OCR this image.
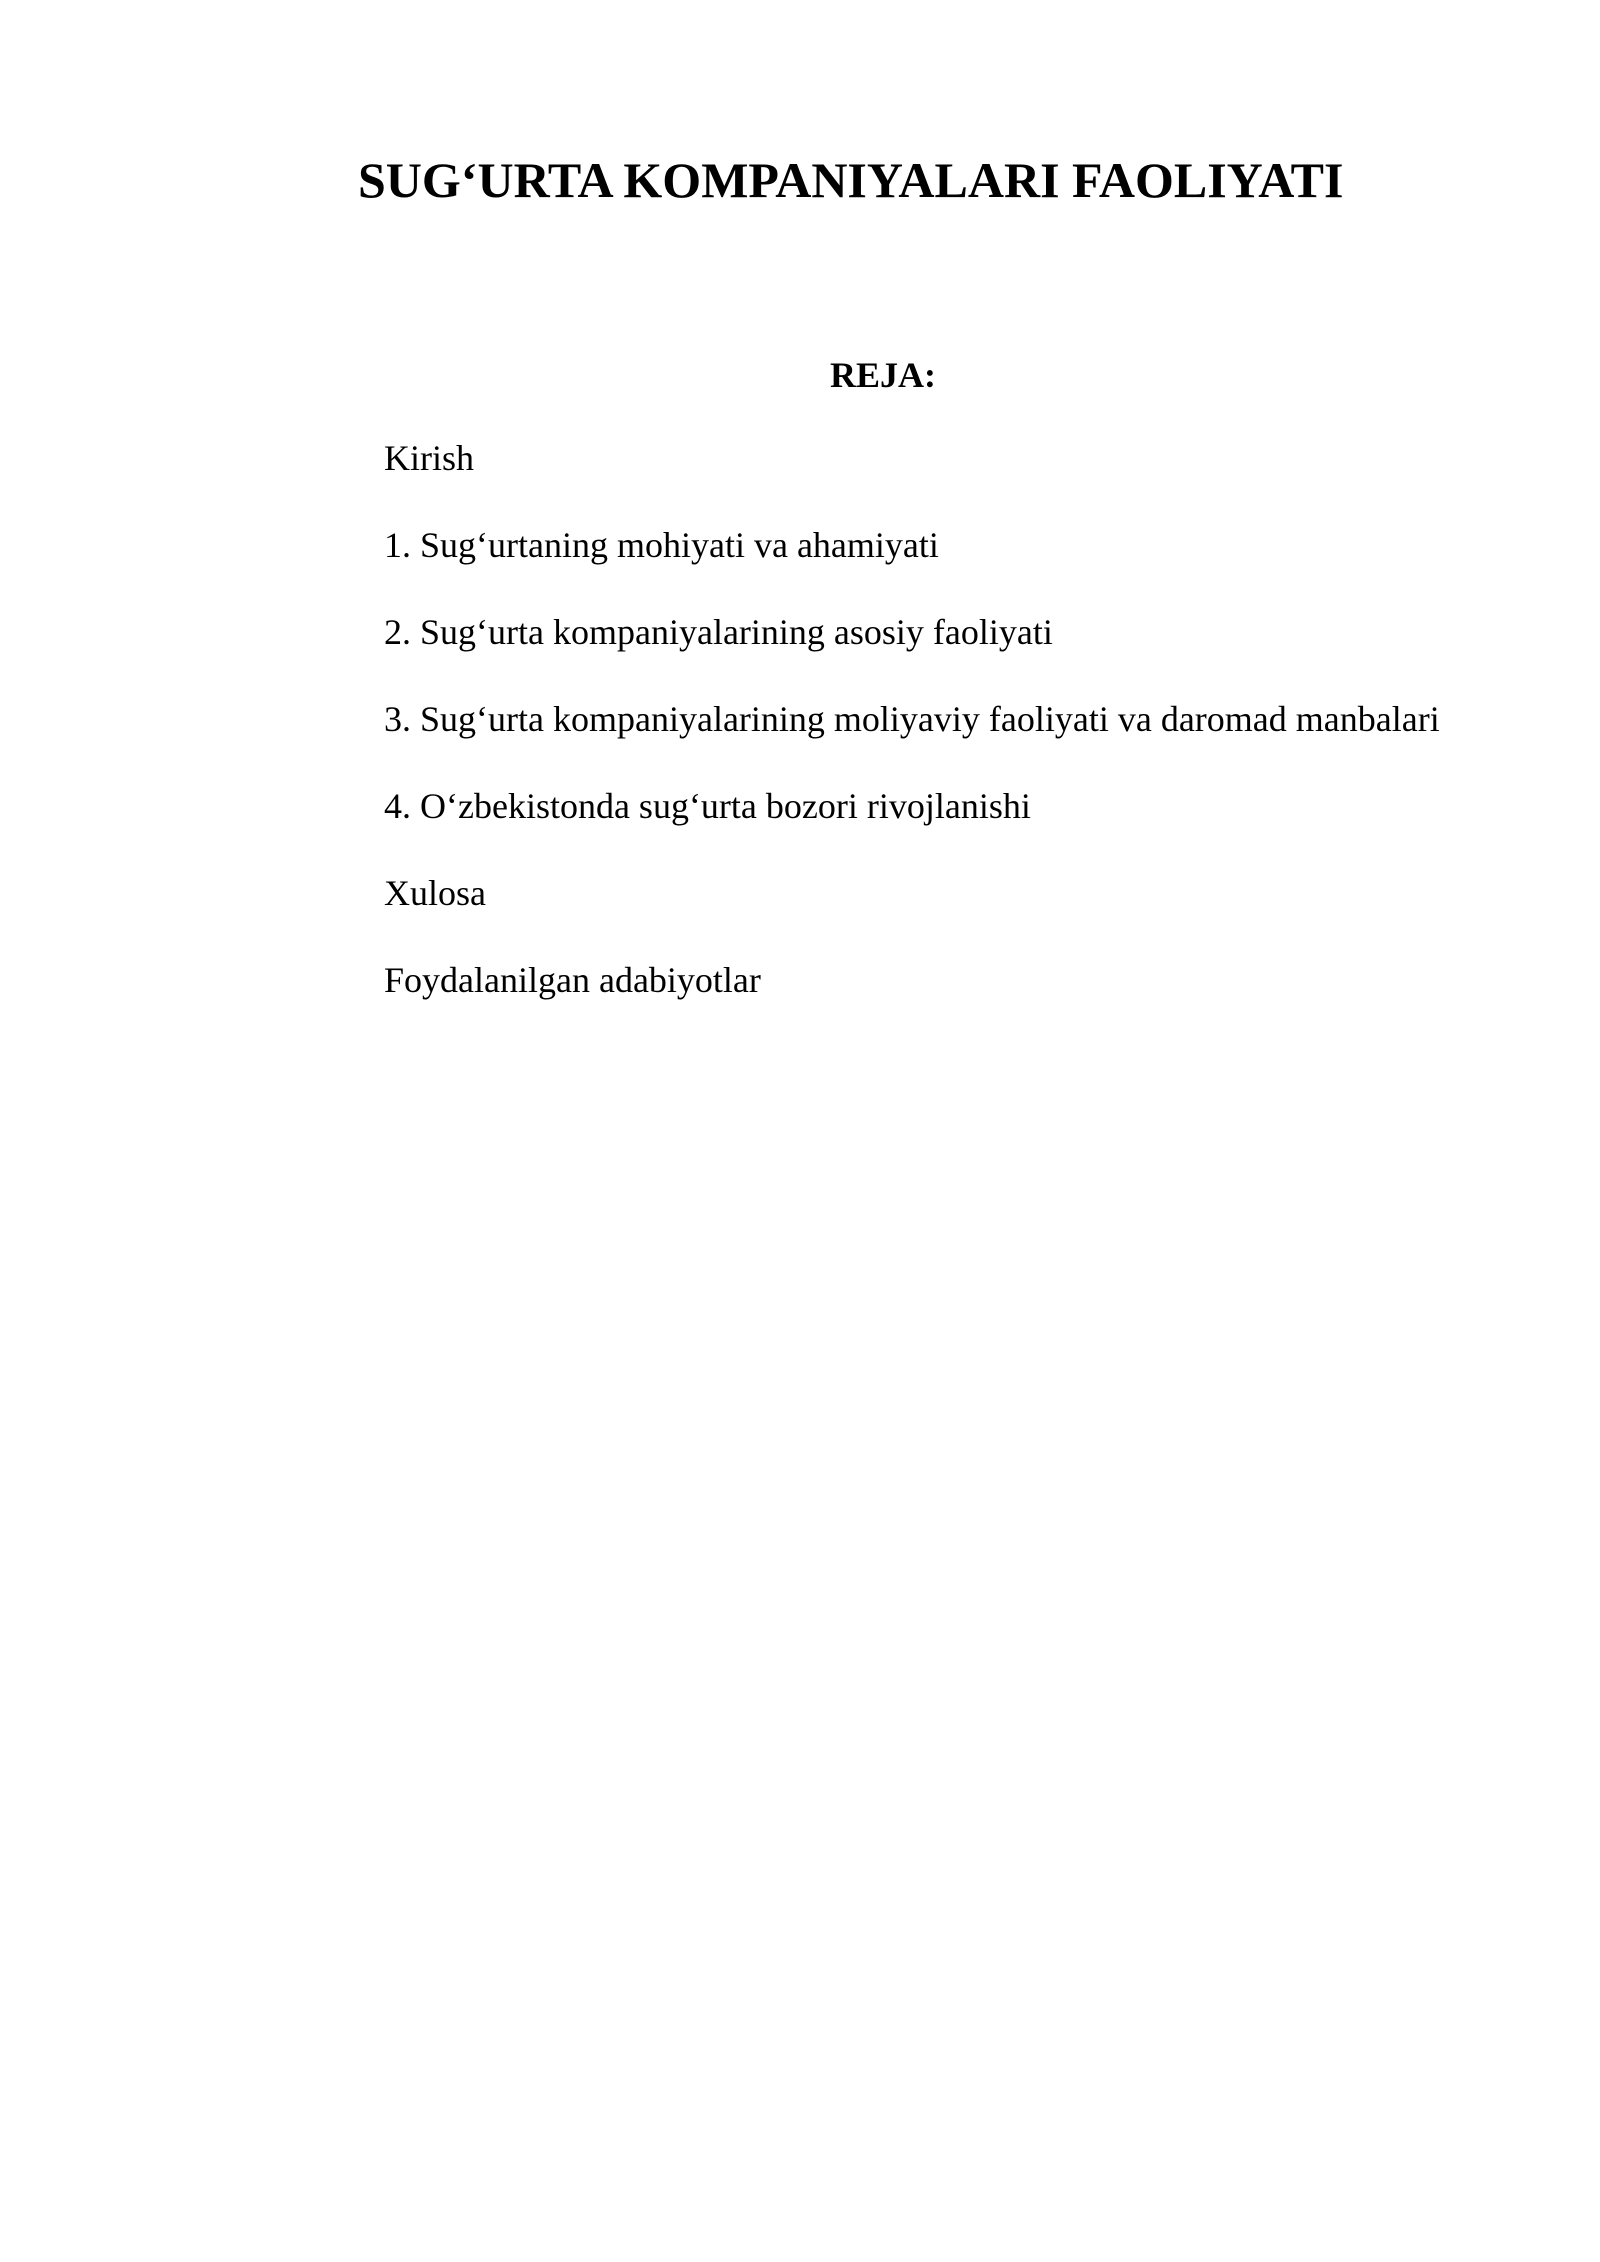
SUG‘URTA KOMPANIYALARI FAOLIYATI
REJA:
Kirish
1. Sug‘urtaning mohiyati va ahamiyati
2. Sug‘urta kompaniyalarining asosiy faoliyati
3. Sug‘urta kompaniyalarining moliyaviy faoliyati va daromad manbalari
4. O‘zbekistonda sug‘urta bozori rivojlanishi
Xulosa
Foydalanilgan adabiyotlar
